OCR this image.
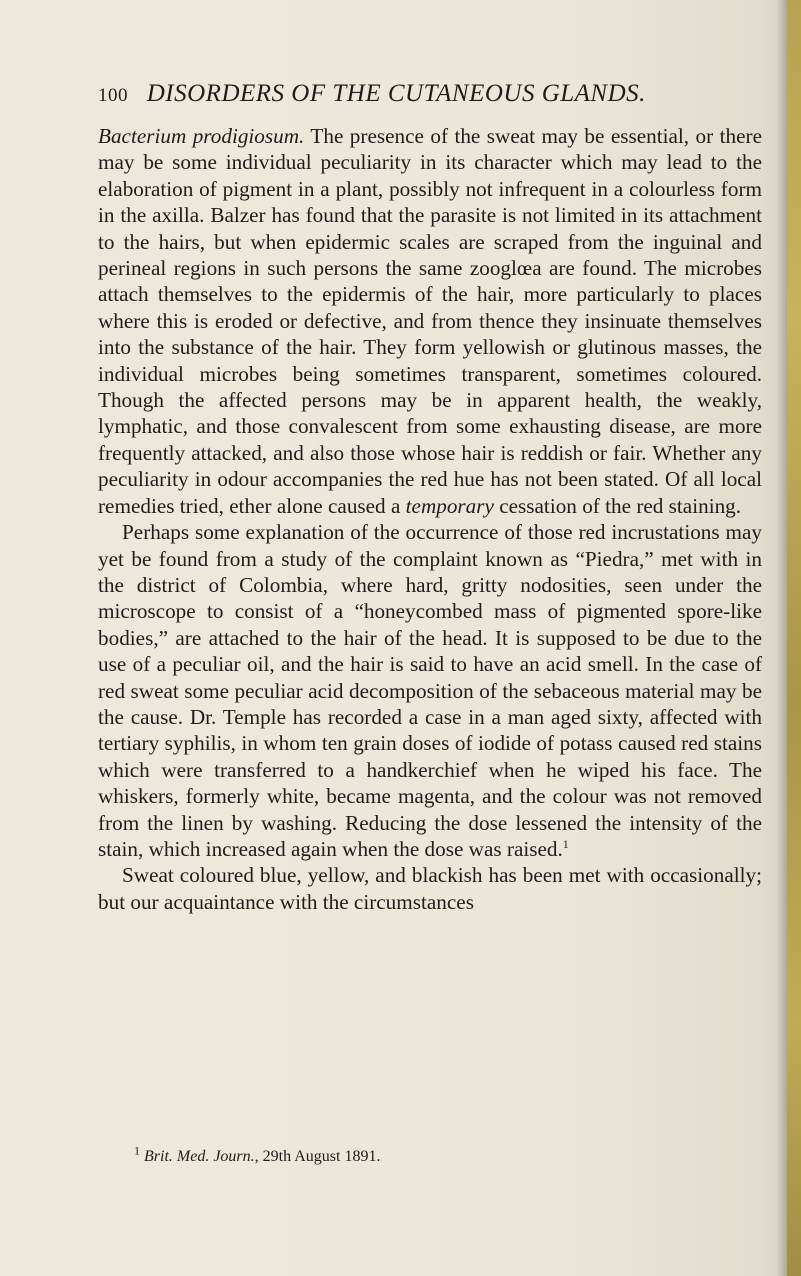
100 DISORDERS OF THE CUTANEOUS GLANDS.

Bacterium prodigiosum. The presence of the sweat may be essential, or there may be some individual peculiarity in its character which may lead to the elaboration of pigment in a plant, possibly not infrequent in a colourless form in the axilla. Balzer has found that the parasite is not limited in its attachment to the hairs, but when epidermic scales are scraped from the inguinal and perineal regions in such persons the same zooglœa are found. The microbes attach themselves to the epidermis of the hair, more particularly to places where this is eroded or defective, and from thence they insinuate themselves into the substance of the hair. They form yellowish or glutinous masses, the individual microbes being sometimes transparent, sometimes coloured. Though the affected persons may be in apparent health, the weakly, lymphatic, and those convalescent from some exhausting disease, are more frequently attacked, and also those whose hair is reddish or fair. Whether any peculiarity in odour accompanies the red hue has not been stated. Of all local remedies tried, ether alone caused a temporary cessation of the red staining.

Perhaps some explanation of the occurrence of those red incrustations may yet be found from a study of the complaint known as “Piedra,” met with in the district of Colombia, where hard, gritty nodosities, seen under the microscope to consist of a “honeycombed mass of pigmented spore-like bodies,” are attached to the hair of the head. It is supposed to be due to the use of a peculiar oil, and the hair is said to have an acid smell. In the case of red sweat some peculiar acid decomposition of the sebaceous material may be the cause. Dr. Temple has recorded a case in a man aged sixty, affected with tertiary syphilis, in whom ten grain doses of iodide of potass caused red stains which were transferred to a handkerchief when he wiped his face. The whiskers, formerly white, became magenta, and the colour was not removed from the linen by washing. Reducing the dose lessened the intensity of the stain, which increased again when the dose was raised.$^1$

Sweat coloured blue, yellow, and blackish has been met with occasionally; but our acquaintance with the circumstances

$^1$ Brit. Med. Journ., 29th August 1891.
